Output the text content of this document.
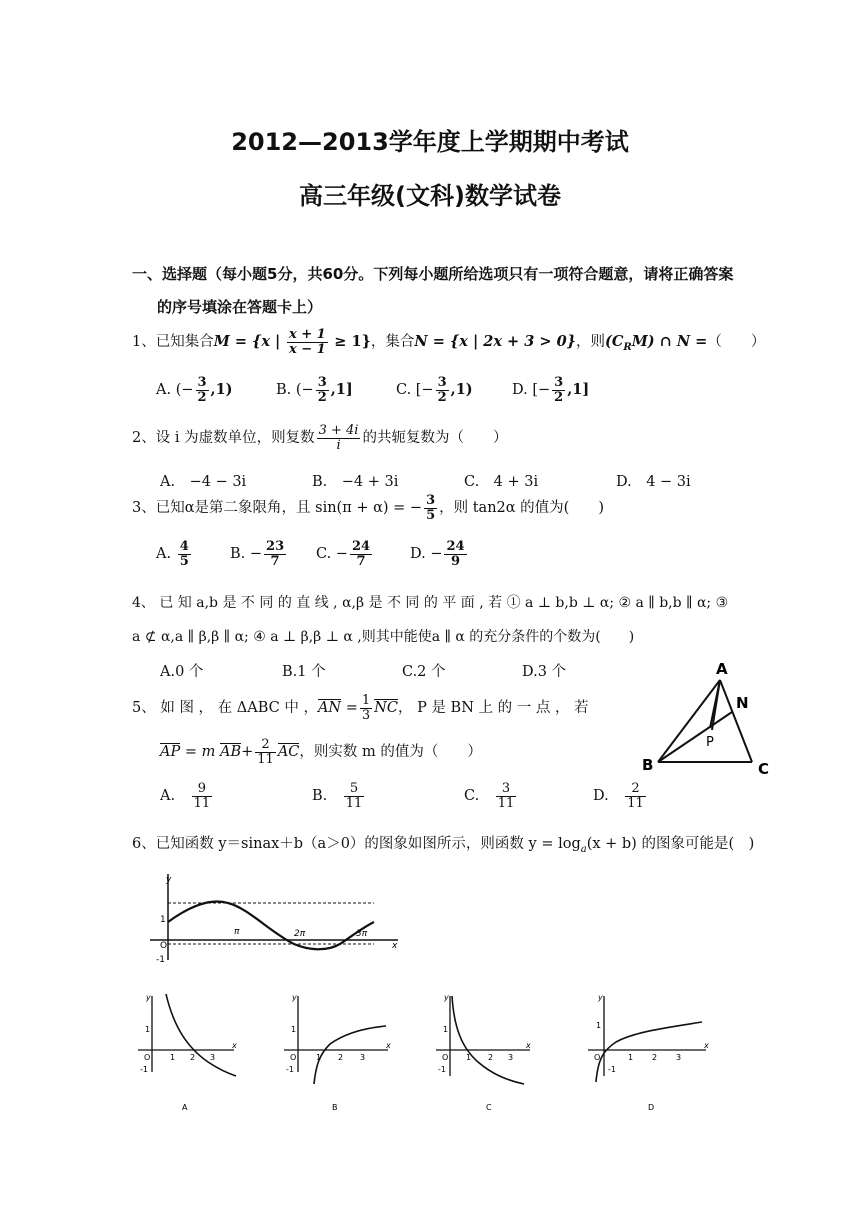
2012—2013学年度上学期期中考试
高三年级(文科)数学试卷
一、选择题（每小题5分，共60分。下列每小题所给选项只有一项符合题意，请将正确答案
的序号填涂在答题卡上）
1、已知集合M = {x | $\frac{x + 1}{x - 1} \ge 1$}，集合N = {x | 2x + 3 > 0}，则$(C_RM)$ ∩ N =（　　）
A. (− $\frac{3}{2} ,1$)	B. (− $\frac{3}{2} ,1$]	C. [− $\frac{3}{2} ,1$)	D. [− $\frac{3}{2} ,1$]
2、设 i 为虚数单位，则复数 $\frac{3 + 4i}{i}$ 的共轭复数为（　　）
A.　−4 − 3i	B.　−4 + 3i	C.　4 + 3i	D.　4 − 3i
3、已知α是第二象限角，且 sin(π + α) = − $\frac{3}{5}$ ，则 tan2α 的值为(　　)
A. $\frac{4}{5}$	B. − $\frac{23}{7} C$. − $\frac{24}{7}$	D. − $\frac{24}{9}$
4、 已 知 a,b 是 不 同 的 直 线 , α,β 是 不 同 的 平 面 , 若 ① a ⊥ b,b ⊥ α; ② a ∥ b,b ∥ α; ③
a ⊄ α,a ∥ β,β ∥ α; ④ a ⊥ β,β ⊥ α ,则其中能使a ∥ α 的充分条件的个数为(　　)
A.0 个	B.1 个	C.2 个	D.3 个
5、 如 图 ， 在 ΔABC 中 ，AN = $\frac{1}{3}$ NC， P 是 BN 上 的 一 点 ， 若
AP = m $AB+ \frac{2}{11}$ AC，则实数 m 的值为（　　）
A.　 $\frac{9}{11}$	B.　 $\frac{5}{11}$	C.　 $\frac{3}{11}$	D.　 $\frac{2}{11}$
A
N
P
B	C
6、已知函数 y＝sinax＋b（a＞0）的图象如图所示，则函数 $y = \log_a(x + b)$ 的图象可能是(　)
y
x
O
1
-1
π	2π	3π
y
x
O
1
-1
1 2 3
A
y
x
O
1
-1
1 2 3
B
y
x
O
1
-1
1 2 3
C
y
x
O
1
-1
1 2 3
D
